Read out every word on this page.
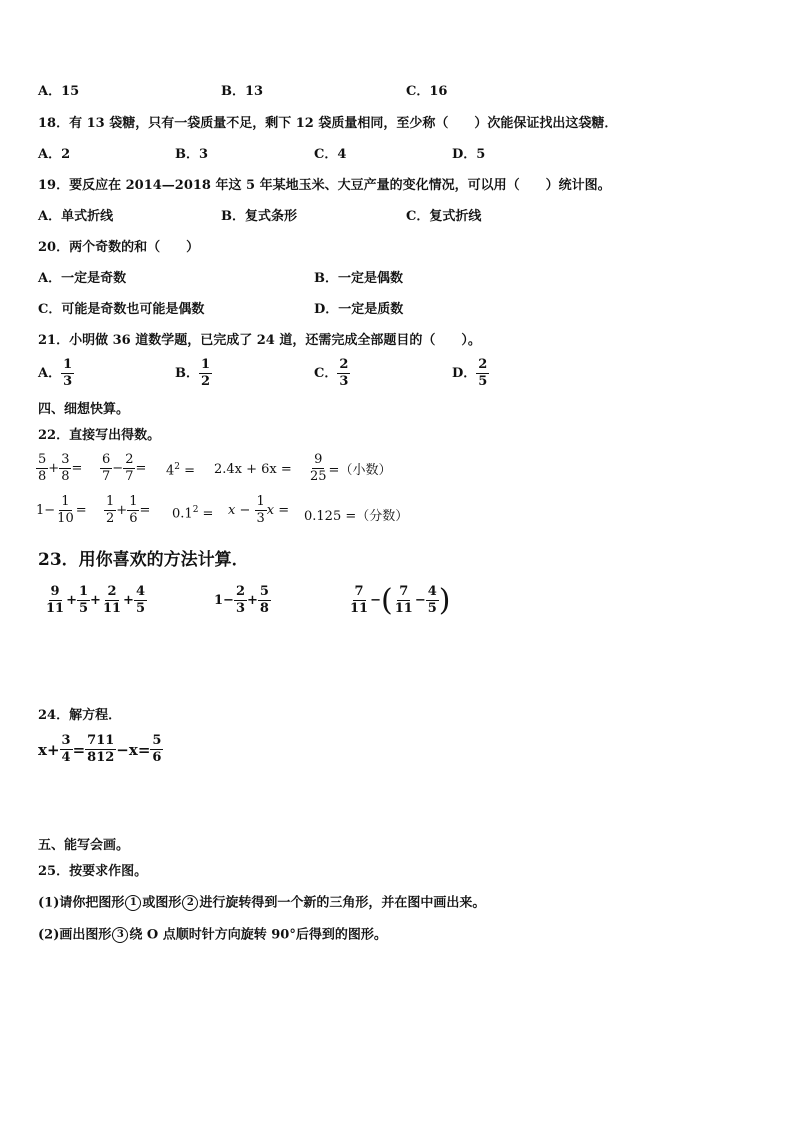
A．15	B．13	C．16
18．有 13 袋糖，只有一袋质量不足，剩下 12 袋质量相同，至少称（　　）次能保证找出这袋糖．
A．2	B．3	C．4	D．5
19．要反应在 2014—2018 年这 5 年某地玉米、大豆产量的变化情况，可以用（　　）统计图。
A．单式折线	B．复式条形	C．复式折线
20．两个奇数的和（　　）
A．一定是奇数	B．一定是偶数
C．可能是奇数也可能是偶数	D．一定是质数
21．小明做 36 道数学题，已完成了 24 道，还需完成全部题目的（　　）。
A． $\frac{1}{3}$	B． $\frac{1}{2}$	C． $\frac{2}{3}$	D． $\frac{2}{5}$
四、细想快算。
22．直接写出得数。
$\frac{5}{8} + \frac{3}{8} = \frac{6}{7} - \frac{2}{7} = 4^2 = 2.4x + 6x = \frac{9}{25}$ =（小数）
$1- \frac{1}{10} = \frac{1}{2} + \frac{1}{6} = 0.1^2 = x$ −
$\frac{1}{3}$ x = 0.125 =（分数）
23．用你喜欢的方法计算．
$\frac{9}{11} + \frac{1}{5} + \frac{2}{11} + \frac{4}{5}$	$1- \frac{2}{3} + \frac{5}{8}$	$\frac{7}{11}$ − ( $\frac{7}{11} - \frac{4}{5}$ )
24．解方程．
$x + \frac{3}{4} = \frac{711}{812} - x = \frac{5}{6}$
五、能写会画。
25．按要求作图。
(1)请你把图形 1 或图形 2 进行旋转得到一个新的三角形，并在图中画出来。
(2)画出图形 3 绕 O 点顺时针方向旋转 90°后得到的图形。
